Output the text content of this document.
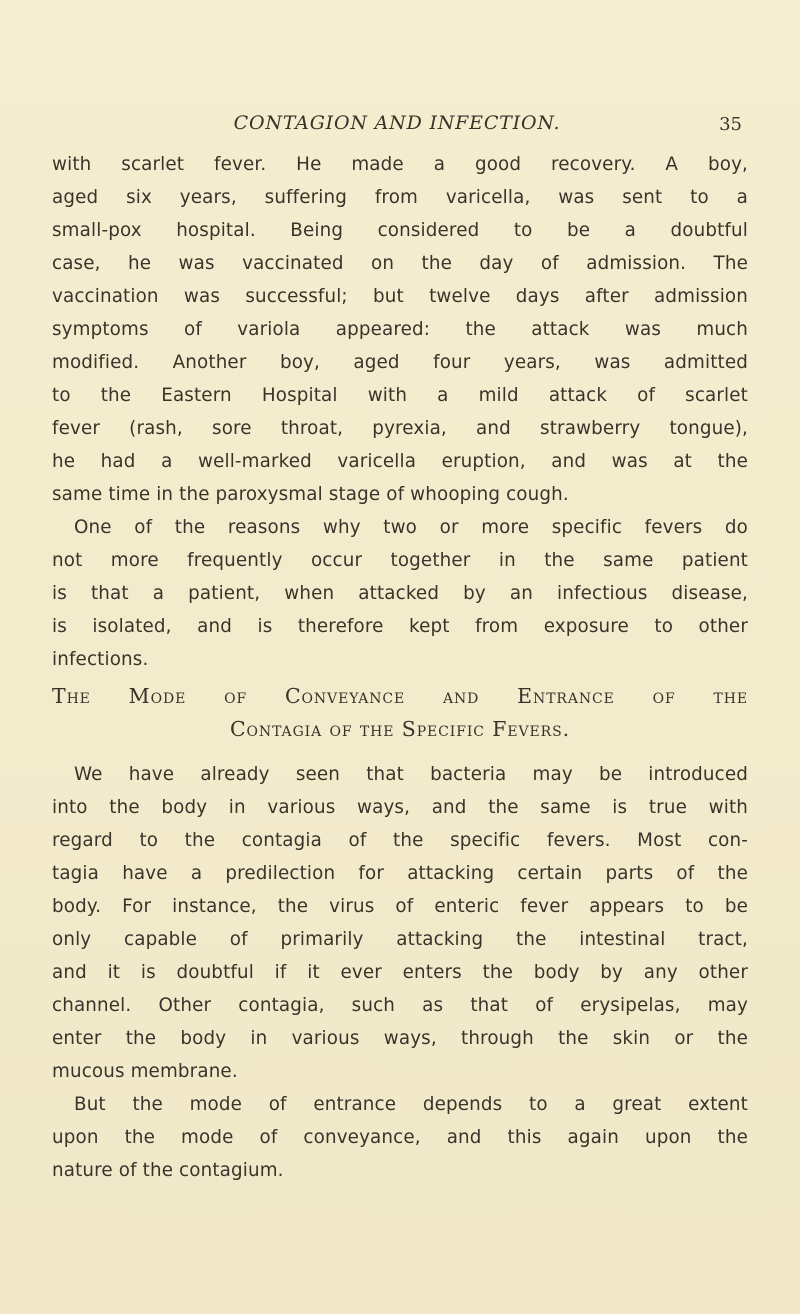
CONTAGION AND INFECTION.	35
with scarlet fever. He made a good recovery. A boy,
aged six years, suffering from varicella, was sent to a
small-pox hospital. Being considered to be a doubtful
case, he was vaccinated on the day of admission. The
vaccination was successful; but twelve days after admission
symptoms of variola appeared: the attack was much
modified. Another boy, aged four years, was admitted
to the Eastern Hospital with a mild attack of scarlet
fever (rash, sore throat, pyrexia, and strawberry tongue),
he had a well-marked varicella eruption, and was at the
same time in the paroxysmal stage of whooping cough.
One of the reasons why two or more specific fevers do
not more frequently occur together in the same patient
is that a patient, when attacked by an infectious disease,
is isolated, and is therefore kept from exposure to other
infections.
The Mode of Conveyance and Entrance of the
Contagia of the Specific Fevers.
We have already seen that bacteria may be introduced
into the body in various ways, and the same is true with
regard to the contagia of the specific fevers. Most con-
tagia have a predilection for attacking certain parts of the
body. For instance, the virus of enteric fever appears to be
only capable of primarily attacking the intestinal tract,
and it is doubtful if it ever enters the body by any other
channel. Other contagia, such as that of erysipelas, may
enter the body in various ways, through the skin or the
mucous membrane.
But the mode of entrance depends to a great extent
upon the mode of conveyance, and this again upon the
nature of the contagium.
